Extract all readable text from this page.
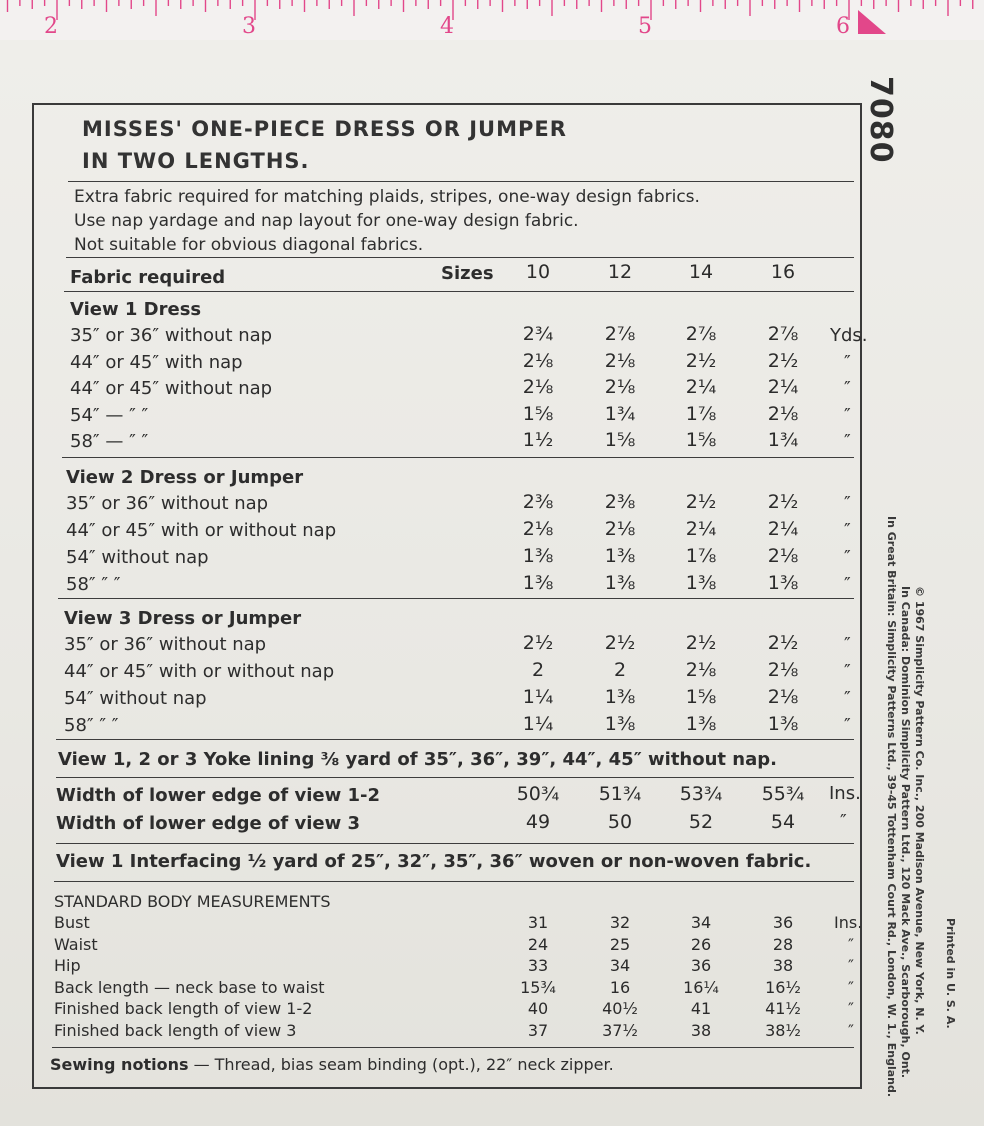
2	3	4	5	6
7080
MISSES' ONE-PIECE DRESS OR JUMPER
IN TWO LENGTHS.
Extra fabric required for matching plaids, stripes, one-way design fabrics.
Use nap yardage and nap layout for one-way design fabric.
Not suitable for obvious diagonal fabrics.
Fabric required	Sizes	10	12	14	16
View 1 Dress
35″ or 36″ without nap	2¾	2⅞	2⅞	2⅞	Yds.
44″ or 45″ with nap	2⅛	2⅛	2½	2½	″
44″ or 45″ without nap	2⅛	2⅛	2¼	2¼	″
54″ — ″ ″	1⅝	1¾	1⅞	2⅛	″
58″ — ″ ″	1½	1⅝	1⅝	1¾	″
View 2 Dress or Jumper
35″ or 36″ without nap	2⅜	2⅜	2½	2½	″
44″ or 45″ with or without nap	2⅛	2⅛	2¼	2¼	″
54″ without nap	1⅜	1⅜	1⅞	2⅛	″
58″ ″ ″	1⅜	1⅜	1⅜	1⅜	″
View 3 Dress or Jumper
35″ or 36″ without nap	2½	2½	2½	2½	″
44″ or 45″ with or without nap	2	2	2⅛	2⅛	″
54″ without nap	1¼	1⅜	1⅝	2⅛	″
58″ ″ ″	1¼	1⅜	1⅜	1⅜	″
View 1, 2 or 3 Yoke lining ⅜ yard of 35″, 36″, 39″, 44″, 45″ without nap.
Width of lower edge of view 1-2	50¾	51¾	53¾	55¾	Ins.
Width of lower edge of view 3	49	50	52	54	″
View 1 Interfacing ½ yard of 25″, 32″, 35″, 36″ woven or non-woven fabric.
STANDARD BODY MEASUREMENTS
Bust	31	32	34	36	Ins.
Waist	24	25	26	28	″
Hip	33	34	36	38	″
Back length — neck base to waist	15¾	16	16¼	16½	″
Finished back length of view 1-2	40	40½	41	41½	″
Finished back length of view 3	37	37½	38	38½	″
Sewing notions — Thread, bias seam binding (opt.), 22″ neck zipper.	In Great Britain: Simplicity Patterns Ltd., 39-45 Tottenham Court Rd., London, W. 1., England. In Canada: Dominion Simplicity Pattern Ltd., 120 Mack Ave., Scarborough, Ont. © 1967 Simplicity Pattern Co. Inc., 200 Madison Avenue, New York, N. Y. Printed in U. S. A.
